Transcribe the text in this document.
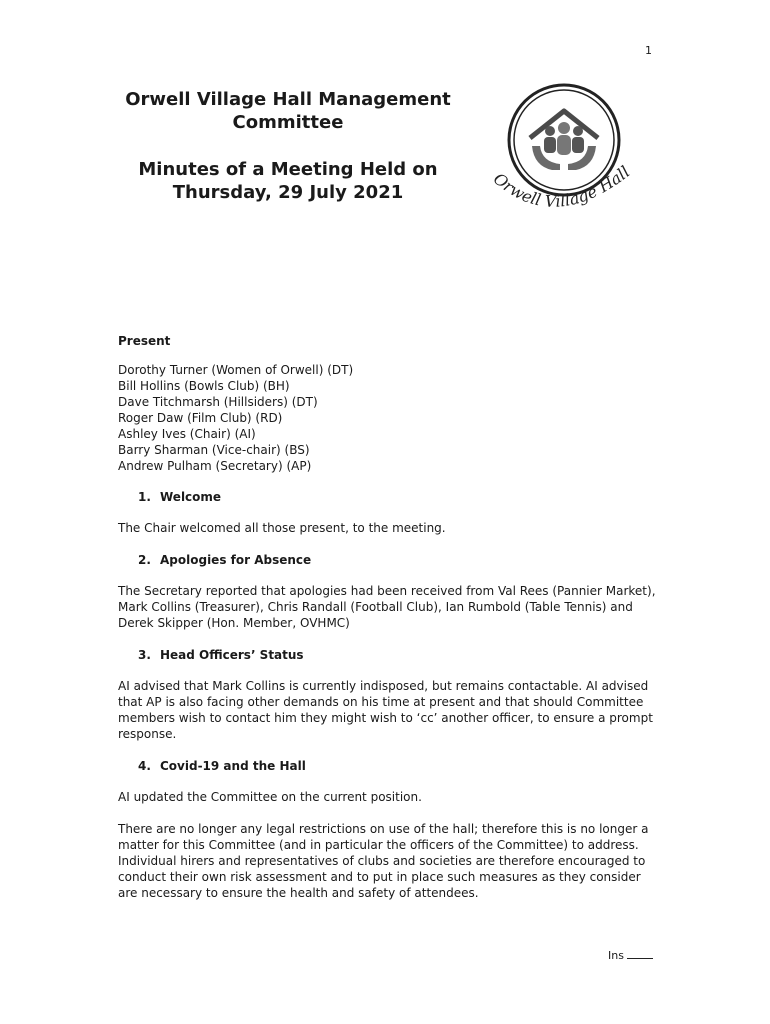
1
Orwell Village Hall Management
Committee
Minutes of a Meeting Held on
Thursday, 29 July 2021
Orwell Village Hall
Present
Dorothy Turner (Women of Orwell) (DT)
Bill Hollins (Bowls Club) (BH)
Dave Titchmarsh (Hillsiders) (DT)
Roger Daw (Film Club) (RD)
Ashley Ives (Chair) (AI)
Barry Sharman (Vice-chair) (BS)
Andrew Pulham (Secretary) (AP)
1. Welcome

The Chair welcomed all those present, to the meeting.

2. Apologies for Absence

The Secretary reported that apologies had been received from Val Rees (Pannier Market), Mark Collins (Treasurer), Chris Randall (Football Club), Ian Rumbold (Table Tennis) and Derek Skipper (Hon. Member, OVHMC)

3. Head Officers’ Status

AI advised that Mark Collins is currently indisposed, but remains contactable. AI advised that AP is also facing other demands on his time at present and that should Committee members wish to contact him they might wish to ‘cc’ another officer, to ensure a prompt response.

4. Covid-19 and the Hall

AI updated the Committee on the current position.

There are no longer any legal restrictions on use of the hall; therefore this is no longer a matter for this Committee (and in particular the officers of the Committee) to address. Individual hirers and representatives of clubs and societies are therefore encouraged to conduct their own risk assessment and to put in place such measures as they consider are necessary to ensure the health and safety of attendees.

Ins
